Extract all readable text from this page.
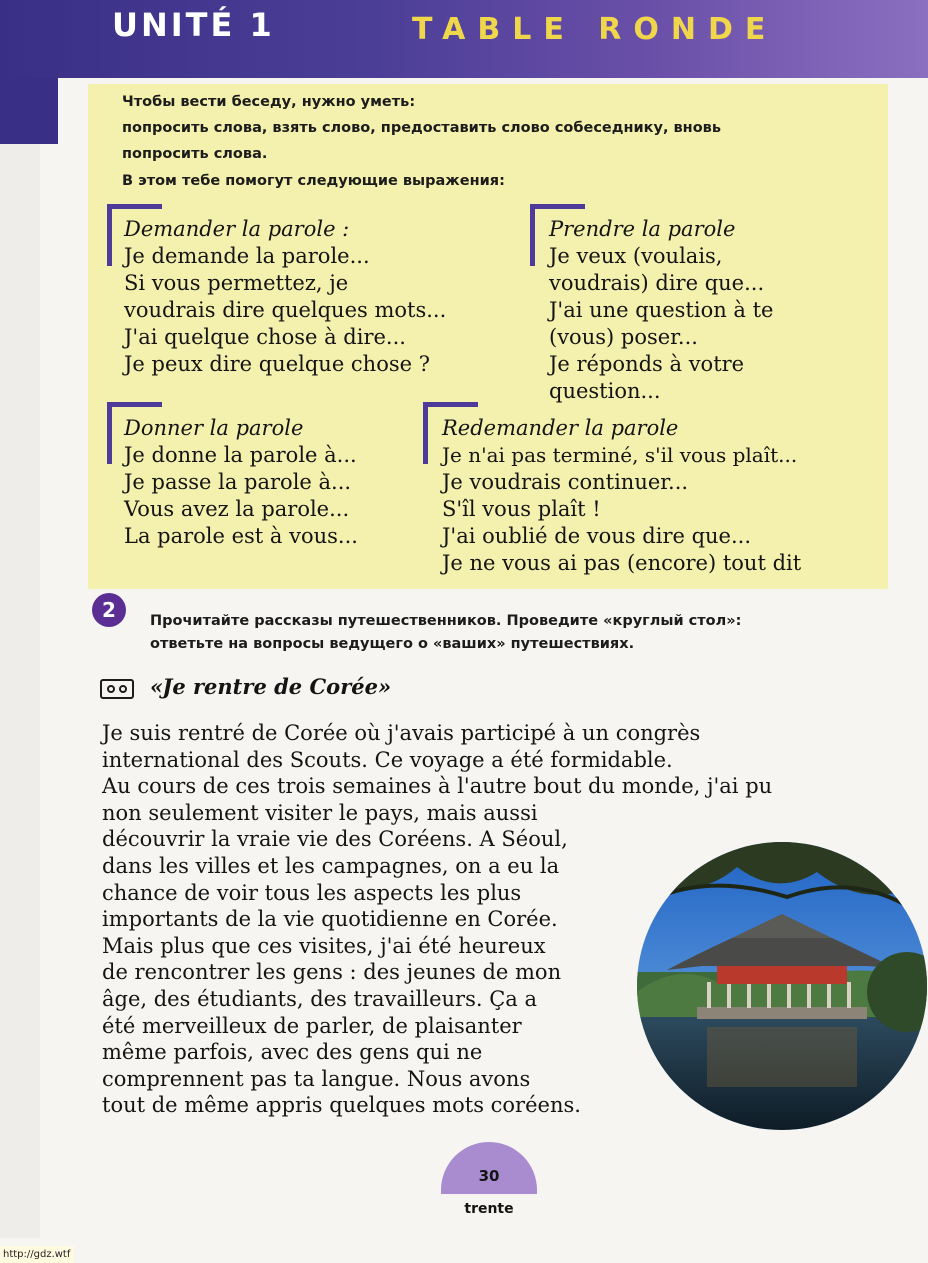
UNITÉ 1	TABLE RONDE
Чтобы вести беседу, нужно уметь:
попросить слова, взять слово, предоставить слово собеседнику, вновь
попросить слова.
В этом тебе помогут следующие выражения:
Demander la parole :
Je demande la parole...
Si vous permettez, je
voudrais dire quelques mots...
J'ai quelque chose à dire...
Je peux dire quelque chose ?
Prendre la parole
Je veux (voulais,
voudrais) dire que...
J'ai une question à te
(vous) poser...
Je réponds à votre
question...
Donner la parole
Je donne la parole à...
Je passe la parole à...
Vous avez la parole...
La parole est à vous...
Redemander la parole
Je n'ai pas terminé, s'il vous plaît...
Je voudrais continuer...
S'îl vous plaît !
J'ai oublié de vous dire que...
Je ne vous ai pas (encore) tout dit
2	Прочитайте рассказы путешественников. Проведите «круглый стол»:
ответьте на вопросы ведущего о «ваших» путешествиях.
«Je rentre de Corée»
Je suis rentré de Corée où j'avais participé à un congrès
international des Scouts. Ce voyage a été formidable.
Au cours de ces trois semaines à l'autre bout du monde, j'ai pu
non seulement visiter le pays, mais aussi
découvrir la vraie vie des Coréens. A Séoul,
dans les villes et les campagnes, on a eu la
chance de voir tous les aspects les plus
importants de la vie quotidienne en Corée.
Mais plus que ces visites, j'ai été heureux
de rencontrer les gens : des jeunes de mon
âge, des étudiants, des travailleurs. Ça a
été merveilleux de parler, de plaisanter
même parfois, avec des gens qui ne
comprennent pas ta langue. Nous avons
tout de même appris quelques mots coréens.
30
trente
http://gdz.wtf
